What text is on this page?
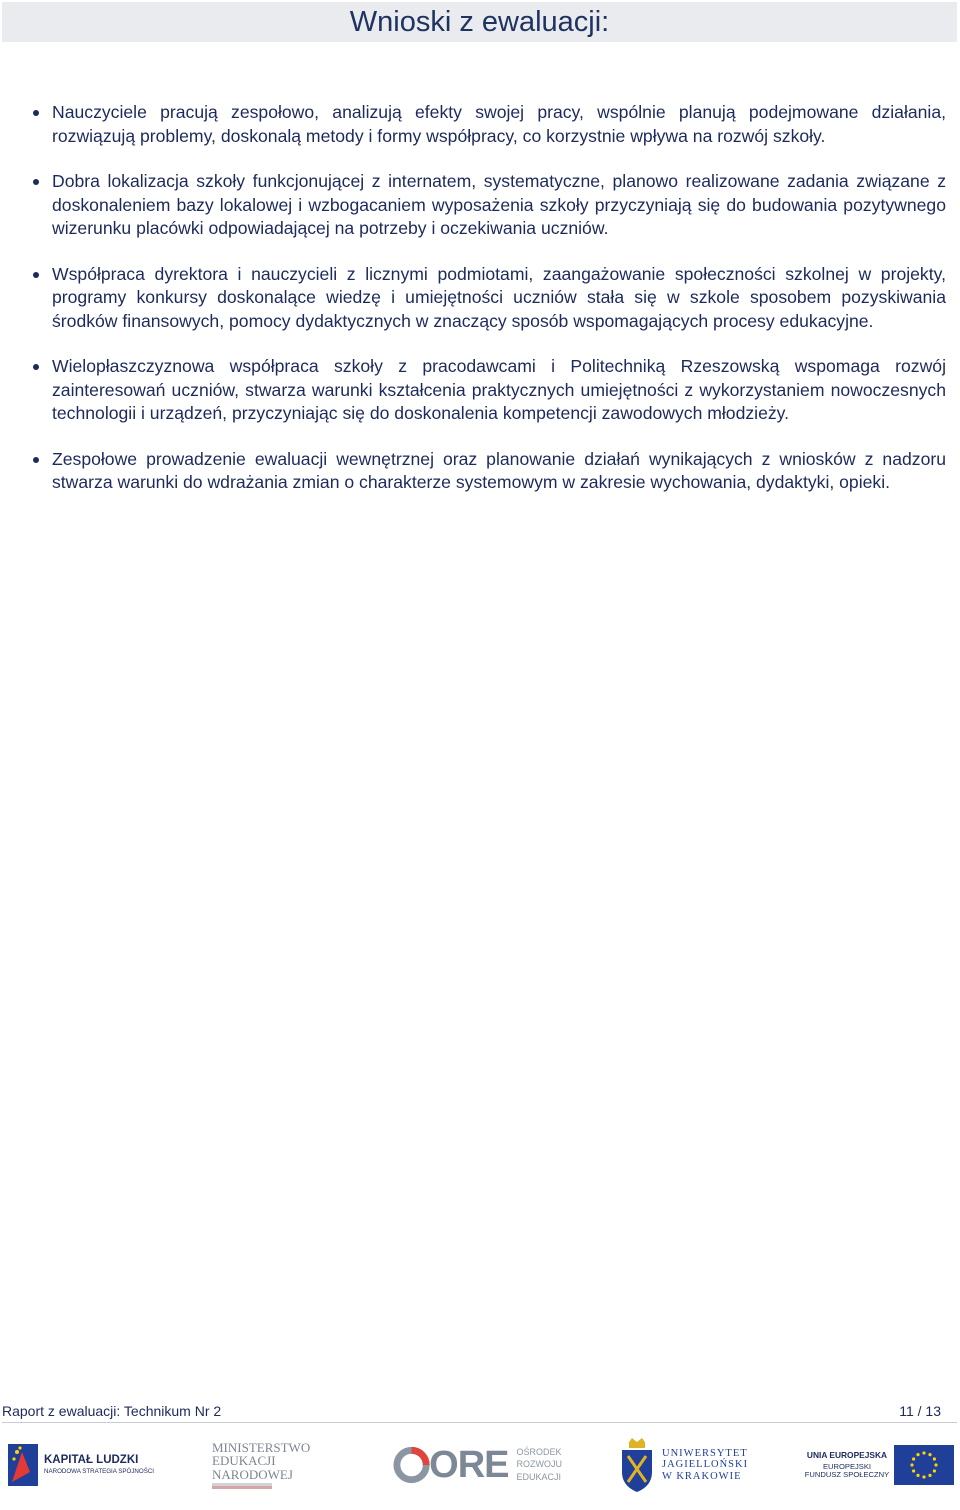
Wnioski z ewaluacji:

Nauczyciele pracują zespołowo, analizują efekty swojej pracy, wspólnie planują podejmowane działania, rozwiązują problemy, doskonalą metody i formy współpracy, co korzystnie wpływa na rozwój szkoły.

Dobra lokalizacja szkoły funkcjonującej z internatem, systematyczne, planowo realizowane zadania związane z doskonaleniem bazy lokalowej i wzbogacaniem wyposażenia szkoły przyczyniają się do budowania pozytywnego wizerunku placówki odpowiadającej na potrzeby i oczekiwania uczniów.

Współpraca dyrektora i nauczycieli z licznymi podmiotami, zaangażowanie społeczności szkolnej w projekty, programy konkursy doskonalące wiedzę i umiejętności uczniów stała się w szkole sposobem pozyskiwania środków finansowych, pomocy dydaktycznych w znaczący sposób wspomagających procesy edukacyjne.

Wielopłaszczyznowa współpraca szkoły z pracodawcami i Politechniką Rzeszowską wspomaga rozwój zainteresowań uczniów, stwarza warunki kształcenia praktycznych umiejętności z wykorzystaniem nowoczesnych technologii i urządzeń, przyczyniając się do doskonalenia kompetencji zawodowych młodzieży.

Zespołowe prowadzenie ewaluacji wewnętrznej oraz planowanie działań wynikających z wniosków z nadzoru stwarza warunki do wdrażania zmian o charakterze systemowym w zakresie wychowania, dydaktyki, opieki.

Raport z ewaluacji: Technikum Nr 2	11 / 13
KAPITAŁ LUDZKI
NARODOWA STRATEGIA SPÓJNOŚCI
MINISTERSTWO
EDUKACJI
NARODOWEJ	ORE OŚRODEK
ROZWOJU
EDUKACJI
UNIWERSYTET
JAGIELLOŃSKI
W KRAKOWIE
UNIA EUROPEJSKA
EUROPEJSKI
FUNDUSZ SPOŁECZNY
